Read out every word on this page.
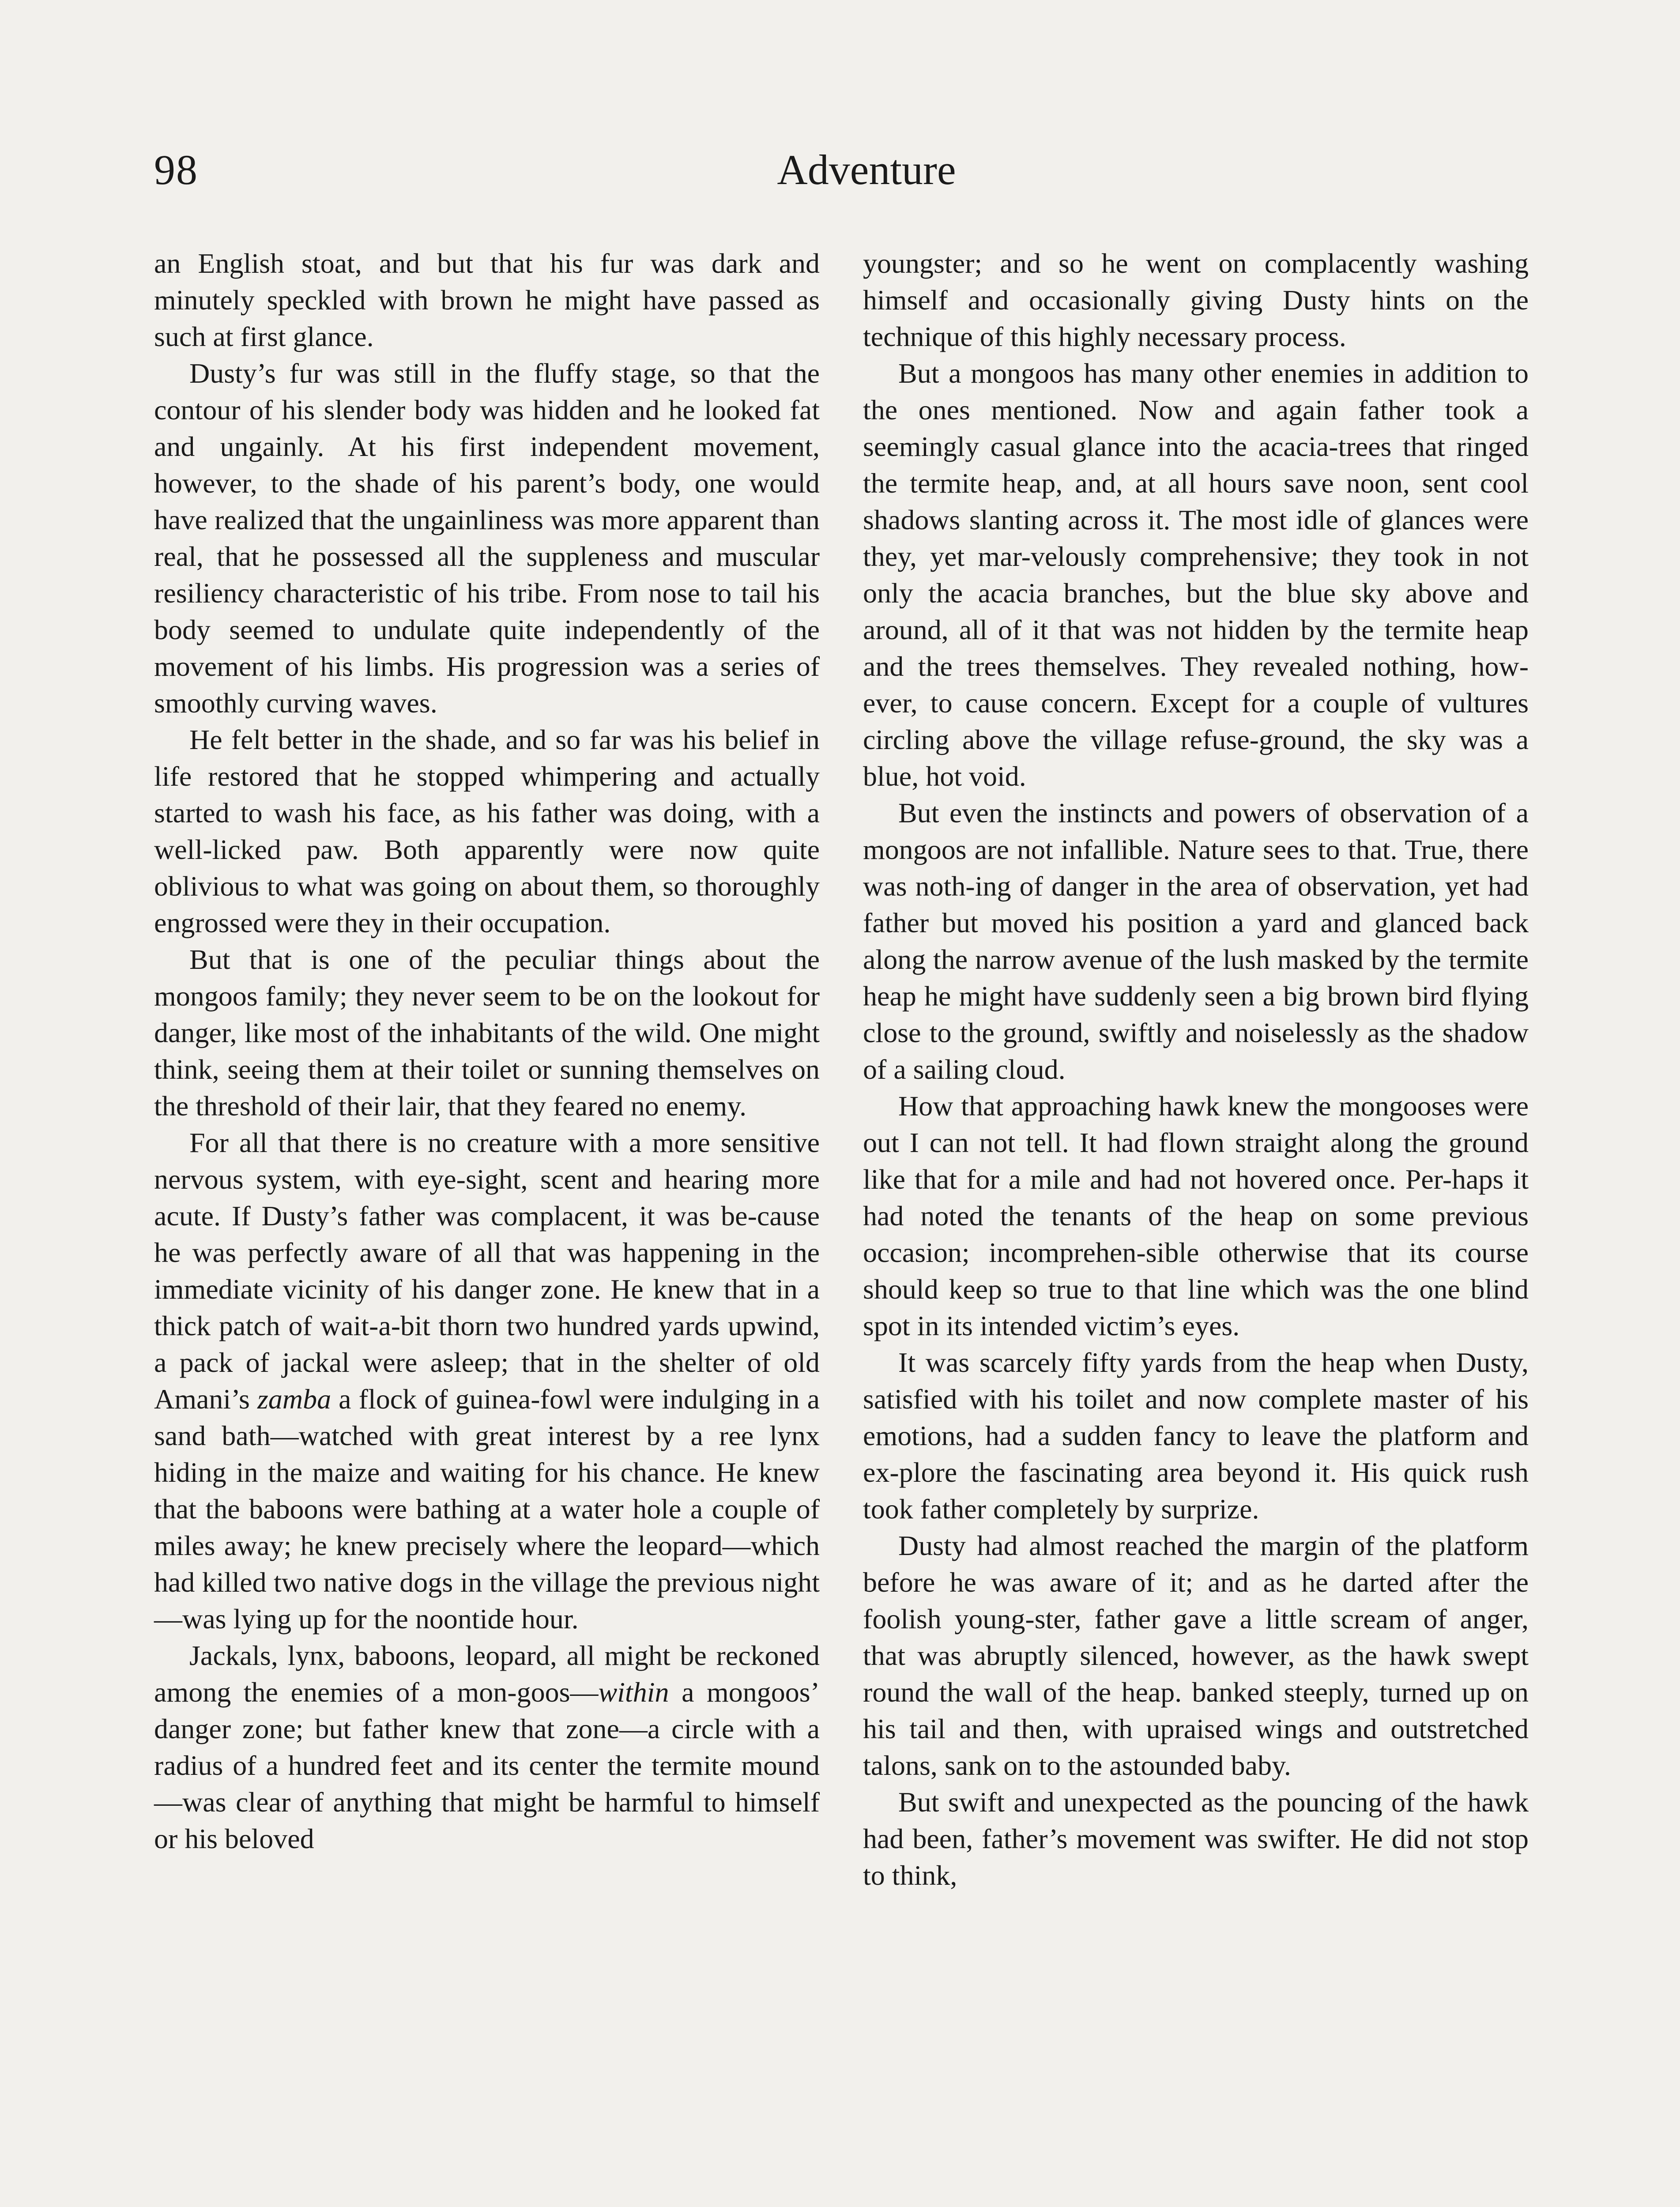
98	Adventure

an English stoat, and but that his fur was dark and minutely speckled with brown he might have passed as such at first glance.

Dusty’s fur was still in the fluffy stage, so that the contour of his slender body was hidden and he looked fat and ungainly. At his first independent movement, however, to the shade of his parent’s body, one would have realized that the ungainliness was more apparent than real, that he possessed all the suppleness and muscular resiliency characteristic of his tribe. From nose to tail his body seemed to undulate quite independently of the movement of his limbs. His progression was a series of smoothly curving waves.

He felt better in the shade, and so far was his belief in life restored that he stopped whimpering and actually started to wash his face, as his father was doing, with a well-licked paw. Both apparently were now quite oblivious to what was going on about them, so thoroughly engrossed were they in their occupation.

But that is one of the peculiar things about the mongoos family; they never seem to be on the lookout for danger, like most of the inhabitants of the wild. One might think, seeing them at their toilet or sunning themselves on the threshold of their lair, that they feared no enemy.

For all that there is no creature with a more sensitive nervous system, with eye-sight, scent and hearing more acute. If Dusty’s father was complacent, it was be-cause he was perfectly aware of all that was happening in the immediate vicinity of his danger zone. He knew that in a thick patch of wait-a-bit thorn two hundred yards upwind, a pack of jackal were asleep; that in the shelter of old Amani’s zamba a flock of guinea-fowl were indulging in a sand bath—watched with great interest by a ree lynx hiding in the maize and waiting for his chance. He knew that the baboons were bathing at a water hole a couple of miles away; he knew precisely where the leopard—which had killed two native dogs in the village the previous night—was lying up for the noontide hour.

Jackals, lynx, baboons, leopard, all might be reckoned among the enemies of a mon-goos—within a mongoos’ danger zone; but father knew that zone—a circle with a radius of a hundred feet and its center the termite mound—was clear of anything that might be harmful to himself or his beloved

youngster; and so he went on complacently washing himself and occasionally giving Dusty hints on the technique of this highly necessary process.

But a mongoos has many other enemies in addition to the ones mentioned. Now and again father took a seemingly casual glance into the acacia-trees that ringed the termite heap, and, at all hours save noon, sent cool shadows slanting across it. The most idle of glances were they, yet mar-velously comprehensive; they took in not only the acacia branches, but the blue sky above and around, all of it that was not hidden by the termite heap and the trees themselves. They revealed nothing, how-ever, to cause concern. Except for a couple of vultures circling above the village refuse-ground, the sky was a blue, hot void.

But even the instincts and powers of observation of a mongoos are not infallible. Nature sees to that. True, there was noth-ing of danger in the area of observation, yet had father but moved his position a yard and glanced back along the narrow avenue of the lush masked by the termite heap he might have suddenly seen a big brown bird flying close to the ground, swiftly and noiselessly as the shadow of a sailing cloud.

How that approaching hawk knew the mongooses were out I can not tell. It had flown straight along the ground like that for a mile and had not hovered once. Per-haps it had noted the tenants of the heap on some previous occasion; incomprehen-sible otherwise that its course should keep so true to that line which was the one blind spot in its intended victim’s eyes.

It was scarcely fifty yards from the heap when Dusty, satisfied with his toilet and now complete master of his emotions, had a sudden fancy to leave the platform and ex-plore the fascinating area beyond it. His quick rush took father completely by surprize.

Dusty had almost reached the margin of the platform before he was aware of it; and as he darted after the foolish young-ster, father gave a little scream of anger, that was abruptly silenced, however, as the hawk swept round the wall of the heap. banked steeply, turned up on his tail and then, with upraised wings and outstretched talons, sank on to the astounded baby.

But swift and unexpected as the pouncing of the hawk had been, father’s movement was swifter. He did not stop to think,
